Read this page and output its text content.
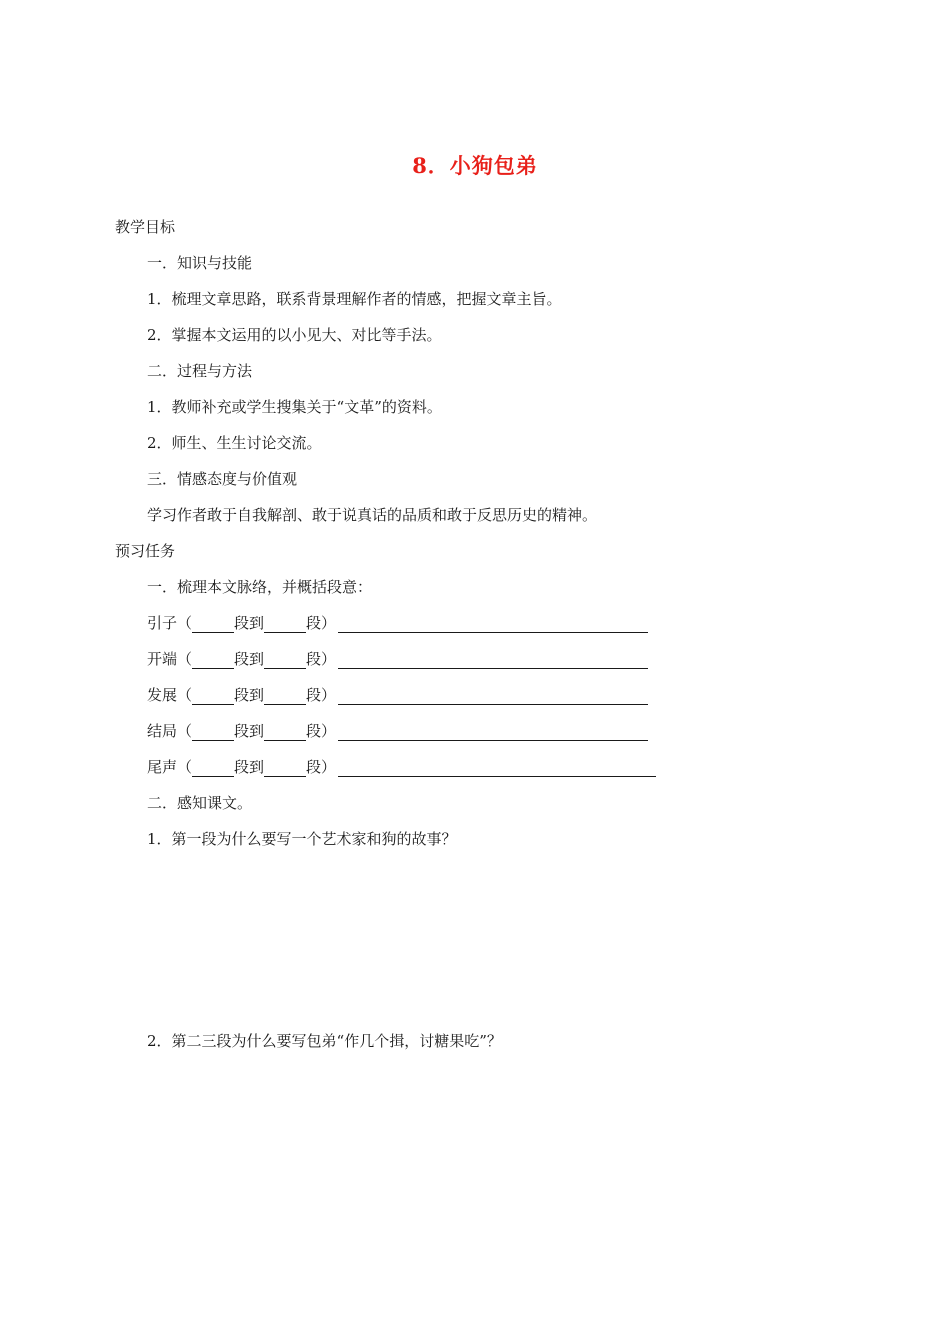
8．小狗包弟
教学目标
一．知识与技能
1．梳理文章思路，联系背景理解作者的情感，把握文章主旨。
2．掌握本文运用的以小见大、对比等手法。
二．过程与方法
1．教师补充或学生搜集关于“文革”的资料。
2．师生、生生讨论交流。
三．情感态度与价值观
学习作者敢于自我解剖、敢于说真话的品质和敢于反思历史的精神。
预习任务
一．梳理本文脉络，并概括段意：
引子（	段到	段）
开端（	段到	段）
发展（	段到	段）
结局（	段到	段）
尾声（	段到	段）
二．感知课文。
1．第一段为什么要写一个艺术家和狗的故事？
2．第二三段为什么要写包弟“作几个揖，讨糖果吃”？
